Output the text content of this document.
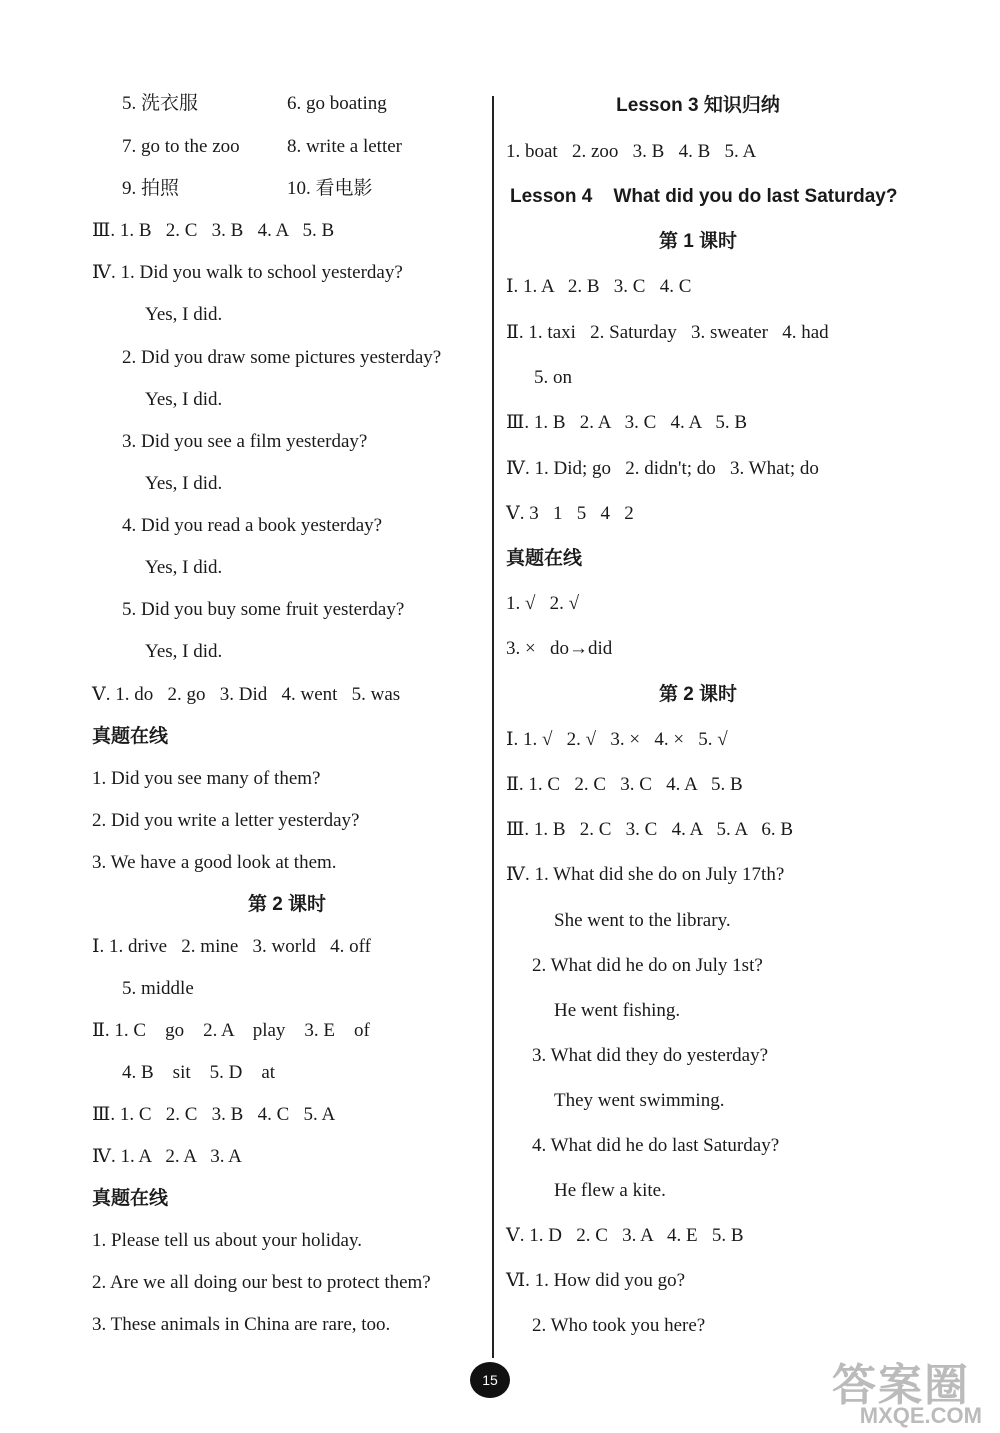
5. 洗衣服	6. go boating
7. go to the zoo 8. write a letter
9. 拍照	10. 看电影
Ⅲ. 1. B   2. C   3. B   4. A   5. B
Ⅳ. 1. Did you walk to school yesterday?
Yes, I did.
2. Did you draw some pictures yesterday?
Yes, I did.
3. Did you see a film yesterday?
Yes, I did.
4. Did you read a book yesterday?
Yes, I did.
5. Did you buy some fruit yesterday?
Yes, I did.
Ⅴ. 1. do   2. go   3. Did   4. went   5. was
真题在线
1. Did you see many of them?
2. Did you write a letter yesterday?
3. We have a good look at them.
第 2 课时
Ⅰ. 1. drive   2. mine   3. world   4. off
5. middle
Ⅱ. 1. C    go    2. A    play    3. E    of
4. B    sit    5. D    at
Ⅲ. 1. C   2. C   3. B   4. C   5. A
Ⅳ. 1. A   2. A   3. A
真题在线
1. Please tell us about your holiday.
2. Are we all doing our best to protect them?
3. These animals in China are rare, too.
Lesson 3 知识归纳
1. boat   2. zoo   3. B   4. B   5. A
Lesson 4    What did you do last Saturday?
第 1 课时
Ⅰ. 1. A   2. B   3. C   4. C
Ⅱ. 1. taxi   2. Saturday   3. sweater   4. had
5. on
Ⅲ. 1. B   2. A   3. C   4. A   5. B
Ⅳ. 1. Did; go   2. didn't; do   3. What; do
Ⅴ. 3   1   5   4   2
真题在线
1. √   2. √
3. ×   do→did
第 2 课时
Ⅰ. 1. √   2. √   3. ×   4. ×   5. √
Ⅱ. 1. C   2. C   3. C   4. A   5. B
Ⅲ. 1. B   2. C   3. C   4. A   5. A   6. B
Ⅳ. 1. What did she do on July 17th?
She went to the library.
2. What did he do on July 1st?
He went fishing.
3. What did they do yesterday?
They went swimming.
4. What did he do last Saturday?
He flew a kite.
Ⅴ. 1. D   2. C   3. A   4. E   5. B
Ⅵ. 1. How did you go?
2. Who took you here?
15	答案圈
MXQE.COM
